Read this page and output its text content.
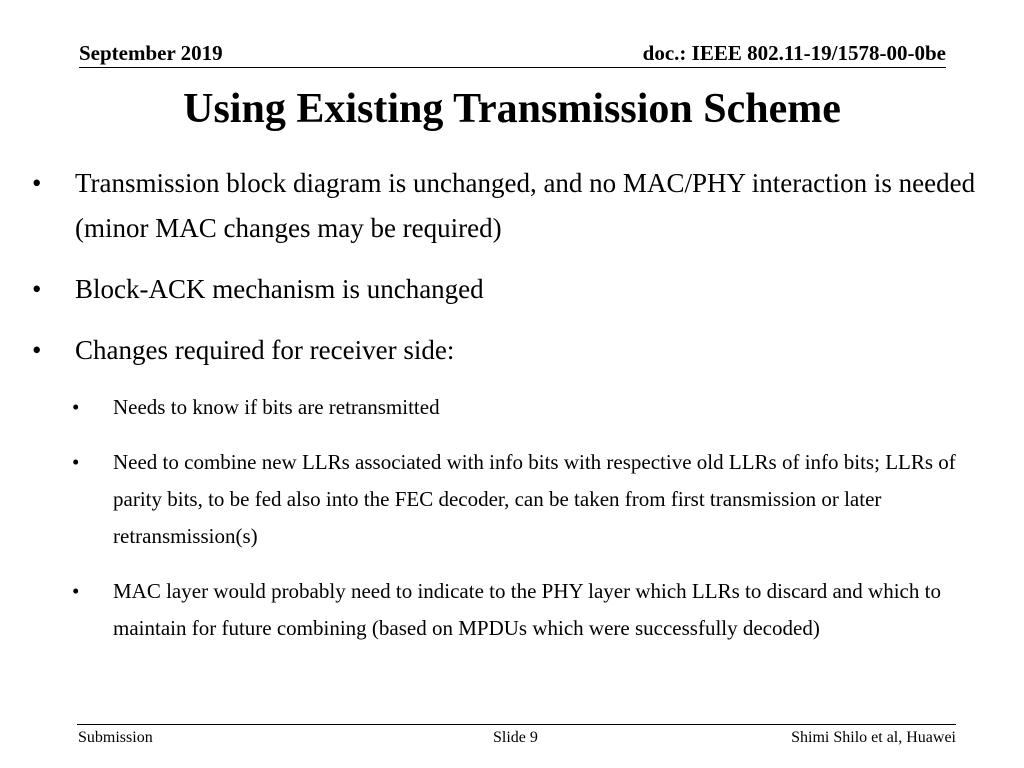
September 2019	doc.: IEEE 802.11-19/1578-00-0be
Using Existing Transmission Scheme
• Transmission block diagram is unchanged, and no MAC/PHY interaction is needed (minor MAC changes may be required)
• Block-ACK mechanism is unchanged
• Changes required for receiver side:
• Needs to know if bits are retransmitted
• Need to combine new LLRs associated with info bits with respective old LLRs of info bits; LLRs of parity bits, to be fed also into the FEC decoder, can be taken from first transmission or later retransmission(s)
• MAC layer would probably need to indicate to the PHY layer which LLRs to discard and which to maintain for future combining (based on MPDUs which were successfully decoded)
Submission	Slide 9	Shimi Shilo et al, Huawei
